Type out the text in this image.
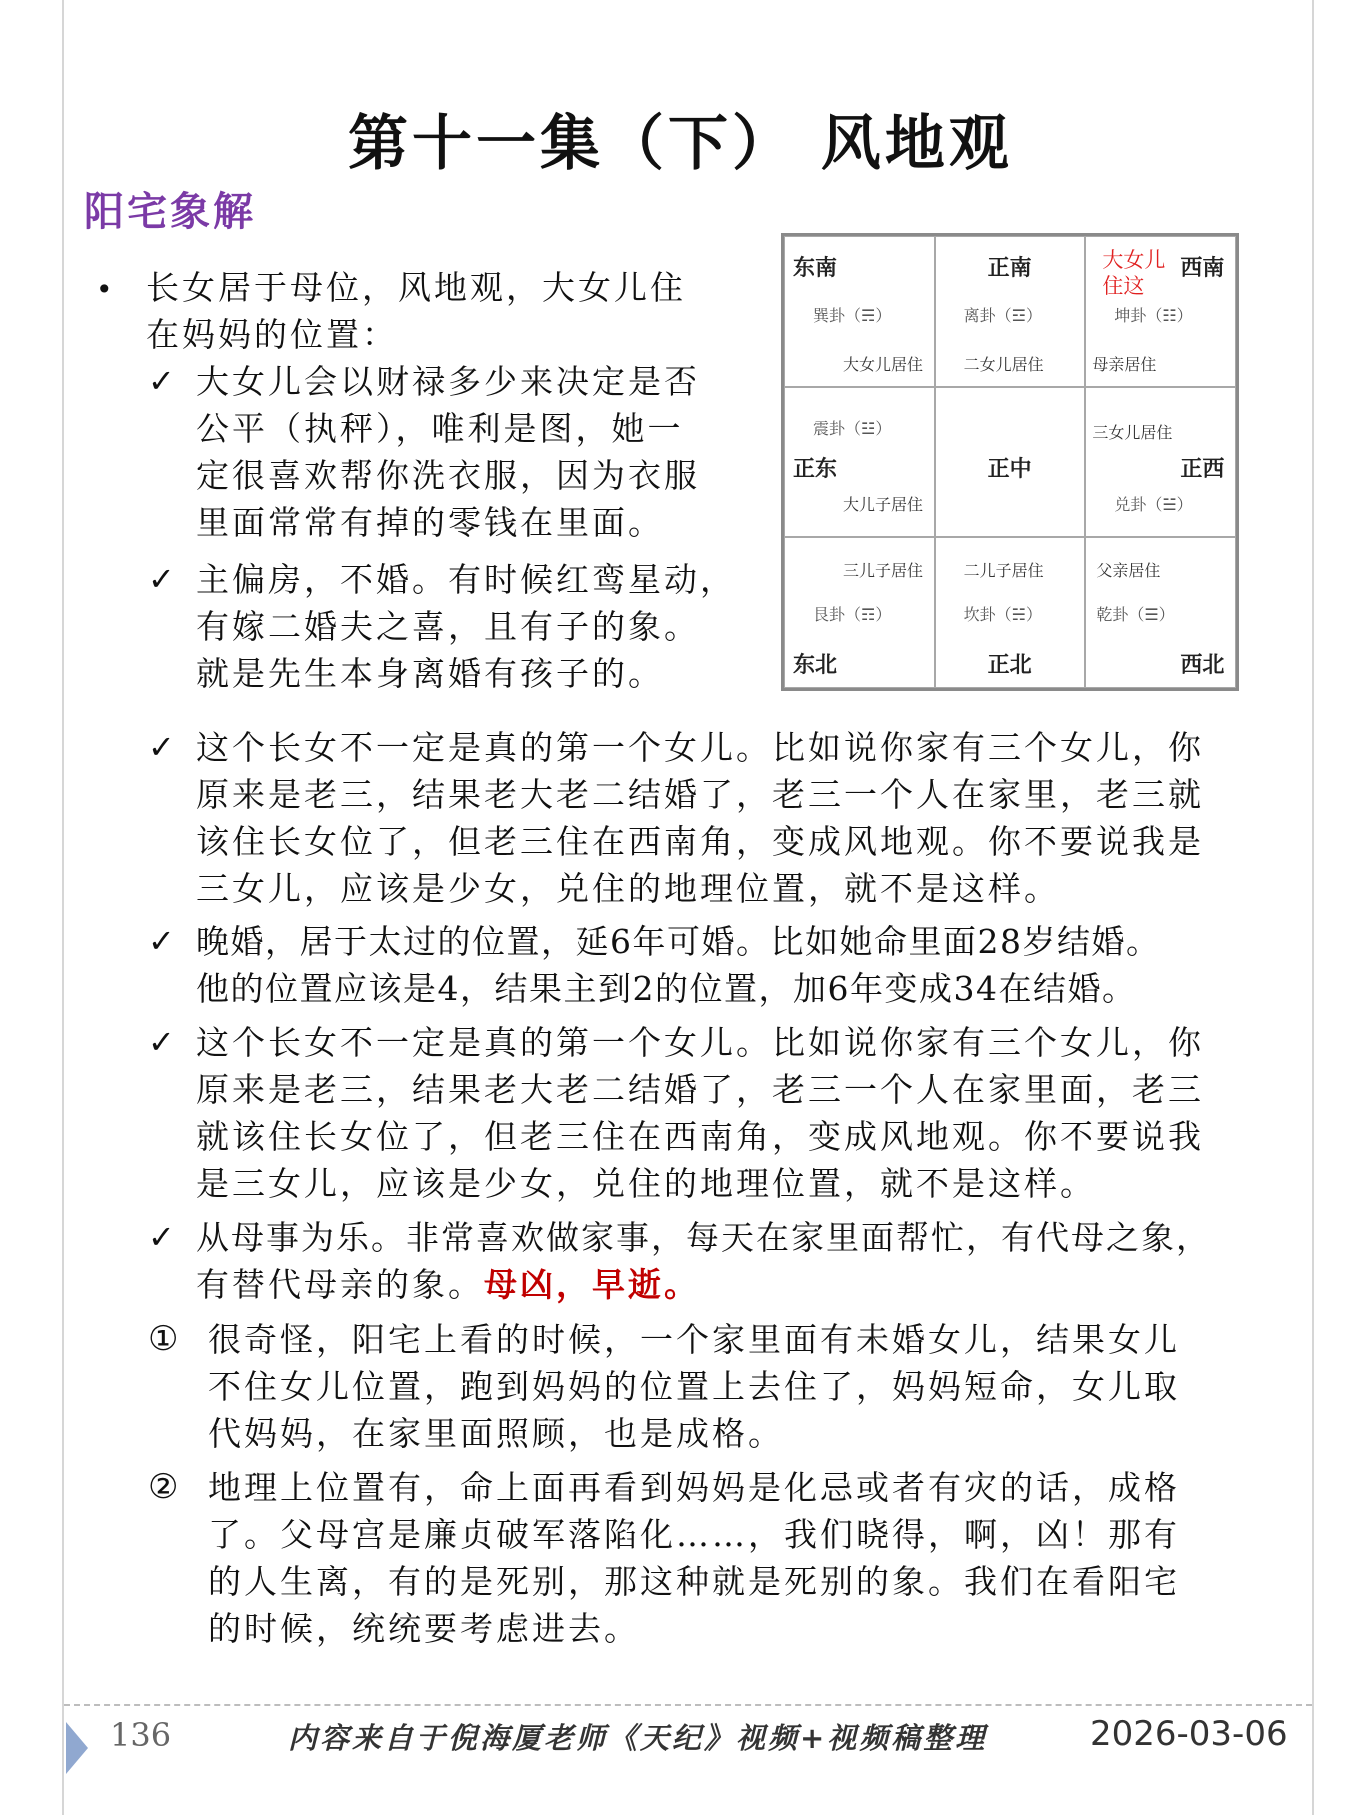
第十一集（下） 风地观
阳宅象解
• 长女居于母位，风地观，大女儿住
在妈妈的位置：
✓ 大女儿会以财禄多少来决定是否
公平（执秤），唯利是图，她一
定很喜欢帮你洗衣服，因为衣服
里面常常有掉的零钱在里面。
✓ 主偏房，不婚。有时候红鸾星动，
有嫁二婚夫之喜，且有子的象。
就是先生本身离婚有孩子的。
东南
巽卦（☴）
大女儿居住
正南
离卦（☲）
二女儿居住
大女儿住这
西南
坤卦（☷）
母亲居住
震卦（☳）
正东
大儿子居住
正中
三女儿居住
正西
兑卦（☱）
三儿子居住
艮卦（☶）
东北
二儿子居住
坎卦（☵）
正北
父亲居住
乾卦（☰）
西北
✓ 这个长女不一定是真的第一个女儿。比如说你家有三个女儿，你
原来是老三，结果老大老二结婚了，老三一个人在家里，老三就
该住长女位了，但老三住在西南角，变成风地观。你不要说我是
三女儿，应该是少女，兑住的地理位置，就不是这样。
✓ 晚婚，居于太过的位置，延6年可婚。比如她命里面28岁结婚。
他的位置应该是4，结果主到2的位置，加6年变成34在结婚。
✓ 这个长女不一定是真的第一个女儿。比如说你家有三个女儿，你
原来是老三，结果老大老二结婚了，老三一个人在家里面，老三
就该住长女位了，但老三住在西南角，变成风地观。你不要说我
是三女儿，应该是少女，兑住的地理位置，就不是这样。
✓ 从母事为乐。非常喜欢做家事，每天在家里面帮忙，有代母之象，
有替代母亲的象。母凶，早逝。
① 很奇怪，阳宅上看的时候，一个家里面有未婚女儿，结果女儿
不住女儿位置，跑到妈妈的位置上去住了，妈妈短命，女儿取
代妈妈，在家里面照顾，也是成格。
② 地理上位置有，命上面再看到妈妈是化忌或者有灾的话，成格
了。父母宫是廉贞破军落陷化……，我们晓得，啊，凶！那有
的人生离，有的是死别，那这种就是死别的象。我们在看阳宅
的时候，统统要考虑进去。
136	内容来自于倪海厦老师《天纪》视频+视频稿整理	2026-03-06
